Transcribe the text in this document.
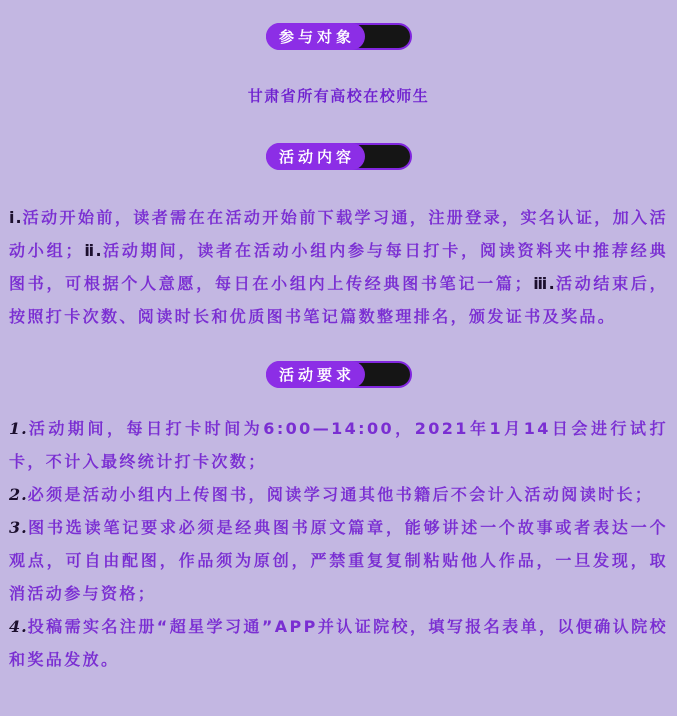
参与对象

甘肃省所有高校在校师生

活动内容

ⅰ.活动开始前，读者需在在活动开始前下载学习通，注册登录，实名认证，加入活动小组；ⅱ.活动期间，读者在活动小组内参与每日打卡，阅读资料夹中推荐经典图书，可根据个人意愿，每日在小组内上传经典图书笔记一篇；ⅲ.活动结束后，按照打卡次数、阅读时长和优质图书笔记篇数整理排名，颁发证书及奖品。

活动要求

1.活动期间，每日打卡时间为6:00—14:00，2021年1月14日会进行试打卡，不计入最终统计打卡次数；

2.必须是活动小组内上传图书，阅读学习通其他书籍后不会计入活动阅读时长；

3.图书选读笔记要求必须是经典图书原文篇章，能够讲述一个故事或者表达一个观点，可自由配图，作品须为原创，严禁重复复制粘贴他人作品，一旦发现，取消活动参与资格；

4.投稿需实名注册“超星学习通”APP并认证院校，填写报名表单，以便确认院校和奖品发放。
